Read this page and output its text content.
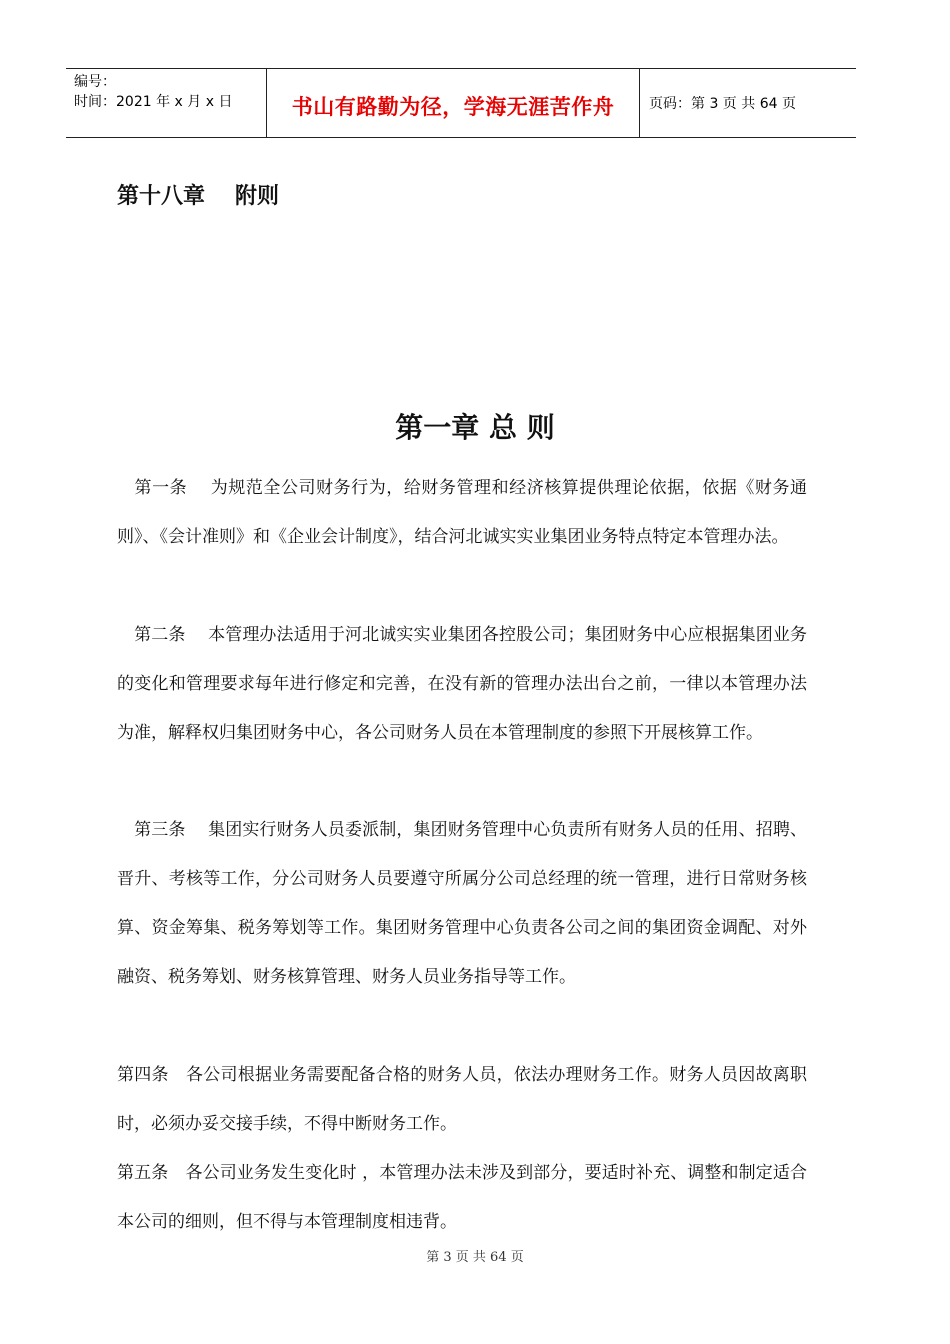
编号：
时间：2021 年 x 月 x 日	书山有路勤为径，学海无涯苦作舟	页码：第 3 页 共 64 页
第十八章 附则
第一章 总 则

　第一条　 为规范全公司财务行为，给财务管理和经济核算提供理论依据，依据《财务通则》、《会计准则》和《企业会计制度》，结合河北诚实实业集团业务特点特定本管理办法。

　第二条　 本管理办法适用于河北诚实实业集团各控股公司；集团财务中心应根据集团业务的变化和管理要求每年进行修定和完善，在没有新的管理办法出台之前，一律以本管理办法为准，解释权归集团财务中心，各公司财务人员在本管理制度的参照下开展核算工作。

　第三条　 集团实行财务人员委派制，集团财务管理中心负责所有财务人员的任用、招聘、晋升、考核等工作，分公司财务人员要遵守所属分公司总经理的统一管理，进行日常财务核算、资金筹集、税务筹划等工作。集团财务管理中心负责各公司之间的集团资金调配、对外融资、税务筹划、财务核算管理、财务人员业务指导等工作。

第四条　各公司根据业务需要配备合格的财务人员，依法办理财务工作。财务人员因故离职时，必须办妥交接手续，不得中断财务工作。

第五条　各公司业务发生变化时 ，本管理办法未涉及到部分，要适时补充、调整和制定适合本公司的细则，但不得与本管理制度相违背。

第 3 页 共 64 页
